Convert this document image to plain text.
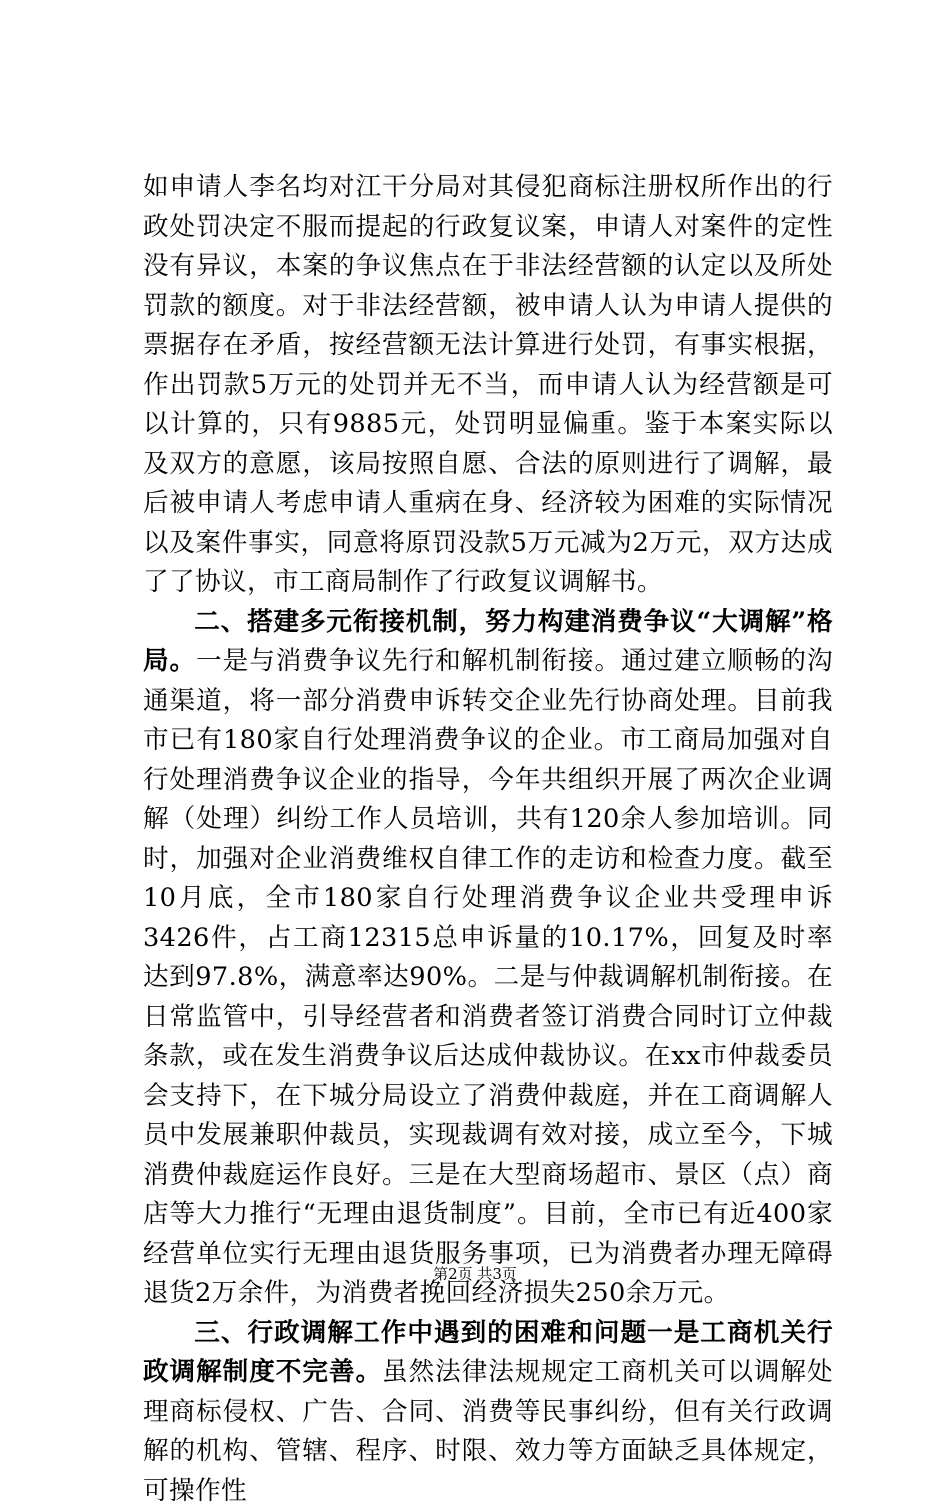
如申请人李名均对江干分局对其侵犯商标注册权所作出的行政处罚决定不服而提起的行政复议案，申请人对案件的定性没有异议，本案的争议焦点在于非法经营额的认定以及所处罚款的额度。对于非法经营额，被申请人认为申请人提供的票据存在矛盾，按经营额无法计算进行处罚，有事实根据，作出罚款5万元的处罚并无不当，而申请人认为经营额是可以计算的，只有9885元，处罚明显偏重。鉴于本案实际以及双方的意愿，该局按照自愿、合法的原则进行了调解，最后被申请人考虑申请人重病在身、经济较为困难的实际情况以及案件事实，同意将原罚没款5万元减为2万元，双方达成了了协议，市工商局制作了行政复议调解书。

二、搭建多元衔接机制，努力构建消费争议“大调解”格局。一是与消费争议先行和解机制衔接。通过建立顺畅的沟通渠道，将一部分消费申诉转交企业先行协商处理。目前我市已有180家自行处理消费争议的企业。市工商局加强对自行处理消费争议企业的指导，今年共组织开展了两次企业调解（处理）纠纷工作人员培训，共有120余人参加培训。同时，加强对企业消费维权自律工作的走访和检查力度。截至10月底，全市180家自行处理消费争议企业共受理申诉3426件，占工商12315总申诉量的10.17%，回复及时率达到97.8%，满意率达90%。二是与仲裁调解机制衔接。在日常监管中，引导经营者和消费者签订消费合同时订立仲裁条款，或在发生消费争议后达成仲裁协议。在xx市仲裁委员会支持下，在下城分局设立了消费仲裁庭，并在工商调解人员中发展兼职仲裁员，实现裁调有效对接，成立至今，下城消费仲裁庭运作良好。三是在大型商场超市、景区（点）商店等大力推行“无理由退货制度”。目前，全市已有近400家经营单位实行无理由退货服务事项，已为消费者办理无障碍退货2万余件，为消费者挽回经济损失250余万元。

三、行政调解工作中遇到的困难和问题一是工商机关行政调解制度不完善。虽然法律法规规定工商机关可以调解处理商标侵权、广告、合同、消费等民事纠纷，但有关行政调解的机构、管辖、程序、时限、效力等方面缺乏具体规定，可操作性

第2页 共3页
